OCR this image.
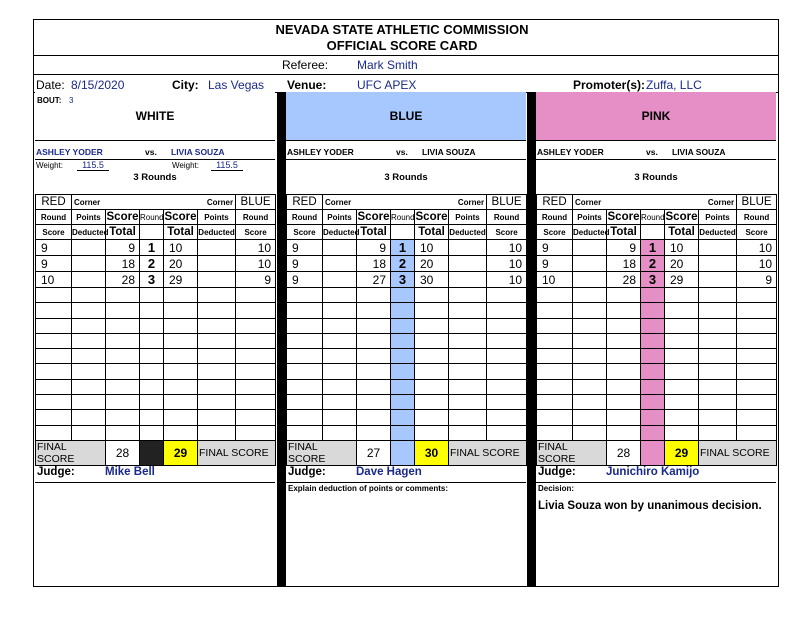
NEVADA STATE ATHLETIC COMMISSION
OFFICIAL SCORE CARD
Referee: Mark Smith
Date: 8/15/2020	City: Las Vegas Venue:	UFC APEX	Promoter(s): Zuffa, LLC
BOUT: 3
WHITE
ASHLEY YODER	vs. LIVIA SOUZA
Weight:	115.5	Weight:	115.5
3 Rounds
RED	Corner Corner					BLUE
Round	Points	Score	Round	Score	Points	Round
Score	Deducted	Total		Total	Deducted	Score
9		9	1	10		10
9		18	2	20		10
10		28	3	29		9

FINAL SCORE		28		29	FINAL SCORE	
Judge:	Mike Bell
BLUE
ASHLEY YODER	vs. LIVIA SOUZA
3 Rounds
RED	Corner Corner					BLUE
Round	Points	Score	Round	Score	Points	Round
Score	Deducted	Total		Total	Deducted	Score
9		9	1	10		10
9		18	2	20		10
9		27	3	30		10

FINAL SCORE		27		30	FINAL SCORE	
Judge:	Dave Hagen
Explain deduction of points or comments:
PINK
ASHLEY YODER	vs. LIVIA SOUZA
3 Rounds
RED	Corner Corner					BLUE
Round	Points	Score	Round	Score	Points	Round
Score	Deducted	Total		Total	Deducted	Score
9		9	1	10		10
9		18	2	20		10
10		28	3	29		9

FINAL SCORE		28		29	FINAL SCORE	
Judge:	Junichiro Kamijo
Decision:
Livia Souza won by unanimous decision.
